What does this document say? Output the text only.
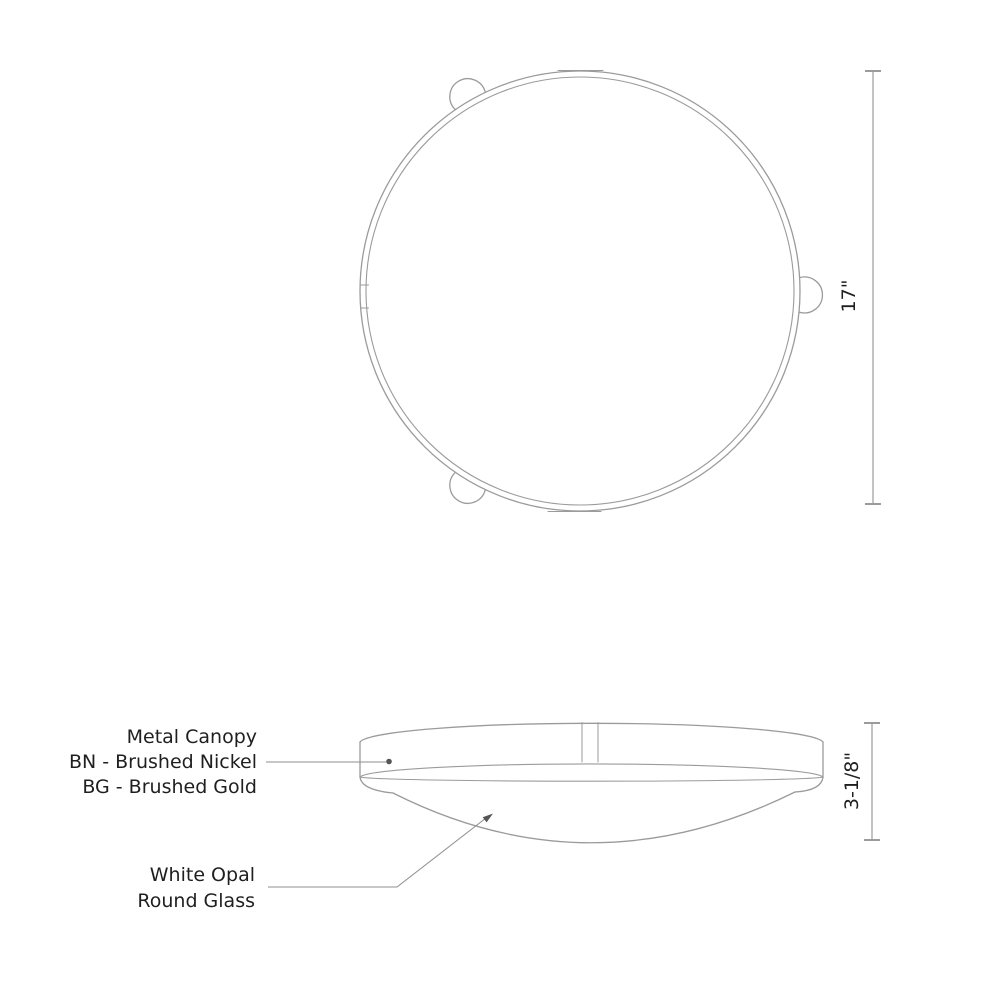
17"
3-1/8"
Metal Canopy
BN - Brushed Nickel
BG - Brushed Gold
White Opal
Round Glass
